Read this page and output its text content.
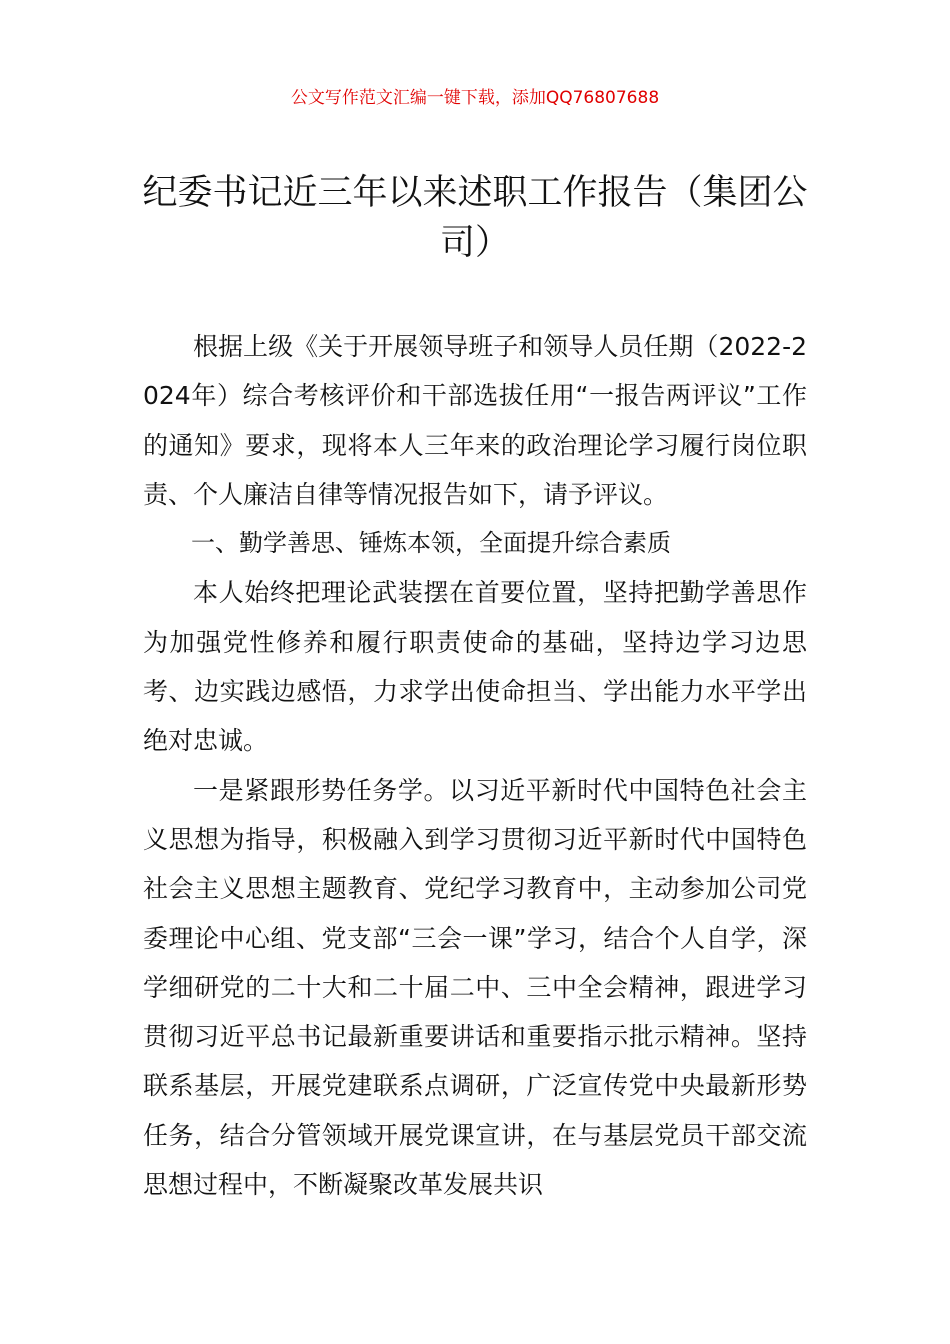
公文写作范文汇编一键下载，添加QQ76807688
纪委书记近三年以来述职工作报告（集团公司）

根据上级《关于开展领导班子和领导人员任期（2022-2024年）综合考核评价和干部选拔任用“一报告两评议”工作的通知》要求，现将本人三年来的政治理论学习履行岗位职责、个人廉洁自律等情况报告如下，请予评议。

一、勤学善思、锤炼本领，全面提升综合素质

本人始终把理论武装摆在首要位置，坚持把勤学善思作为加强党性修养和履行职责使命的基础，坚持边学习边思考、边实践边感悟，力求学出使命担当、学出能力水平学出绝对忠诚。

一是紧跟形势任务学。以习近平新时代中国特色社会主义思想为指导，积极融入到学习贯彻习近平新时代中国特色社会主义思想主题教育、党纪学习教育中，主动参加公司党委理论中心组、党支部“三会一课”学习，结合个人自学，深学细研党的二十大和二十届二中、三中全会精神，跟进学习贯彻习近平总书记最新重要讲话和重要指示批示精神。坚持联系基层，开展党建联系点调研，广泛宣传党中央最新形势任务，结合分管领域开展党课宣讲，在与基层党员干部交流思想过程中，不断凝聚改革发展共识
